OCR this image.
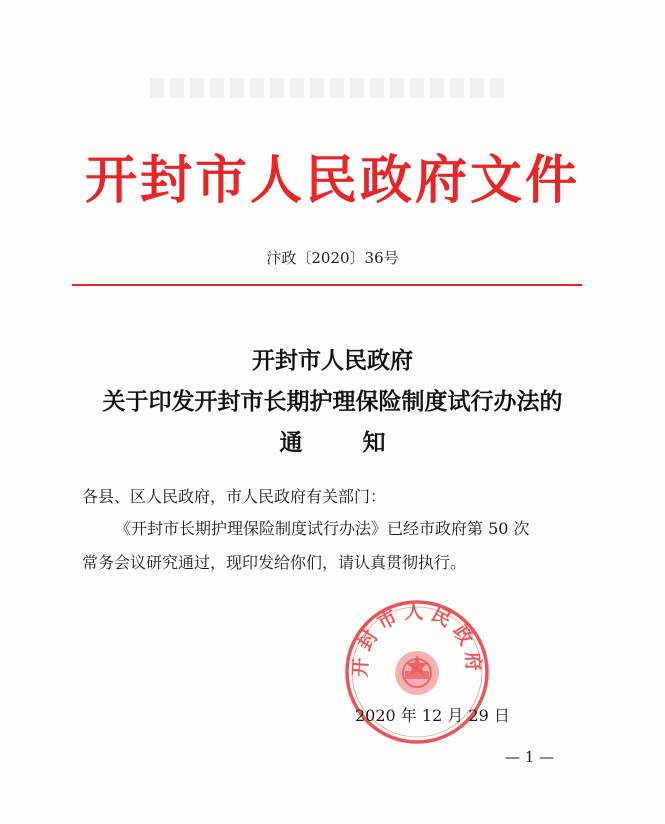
开封市人民政府文件
汴政〔2020〕36号
开封市人民政府
关于印发开封市长期护理保险制度试行办法的
通	知
各县、区人民政府，市人民政府有关部门：
《开封市长期护理保险制度试行办法》已经市政府第 50 次
常务会议研究通过，现印发给你们，请认真贯彻执行。
开封市人民政府
2020 年 12 月 29 日
— 1 —
